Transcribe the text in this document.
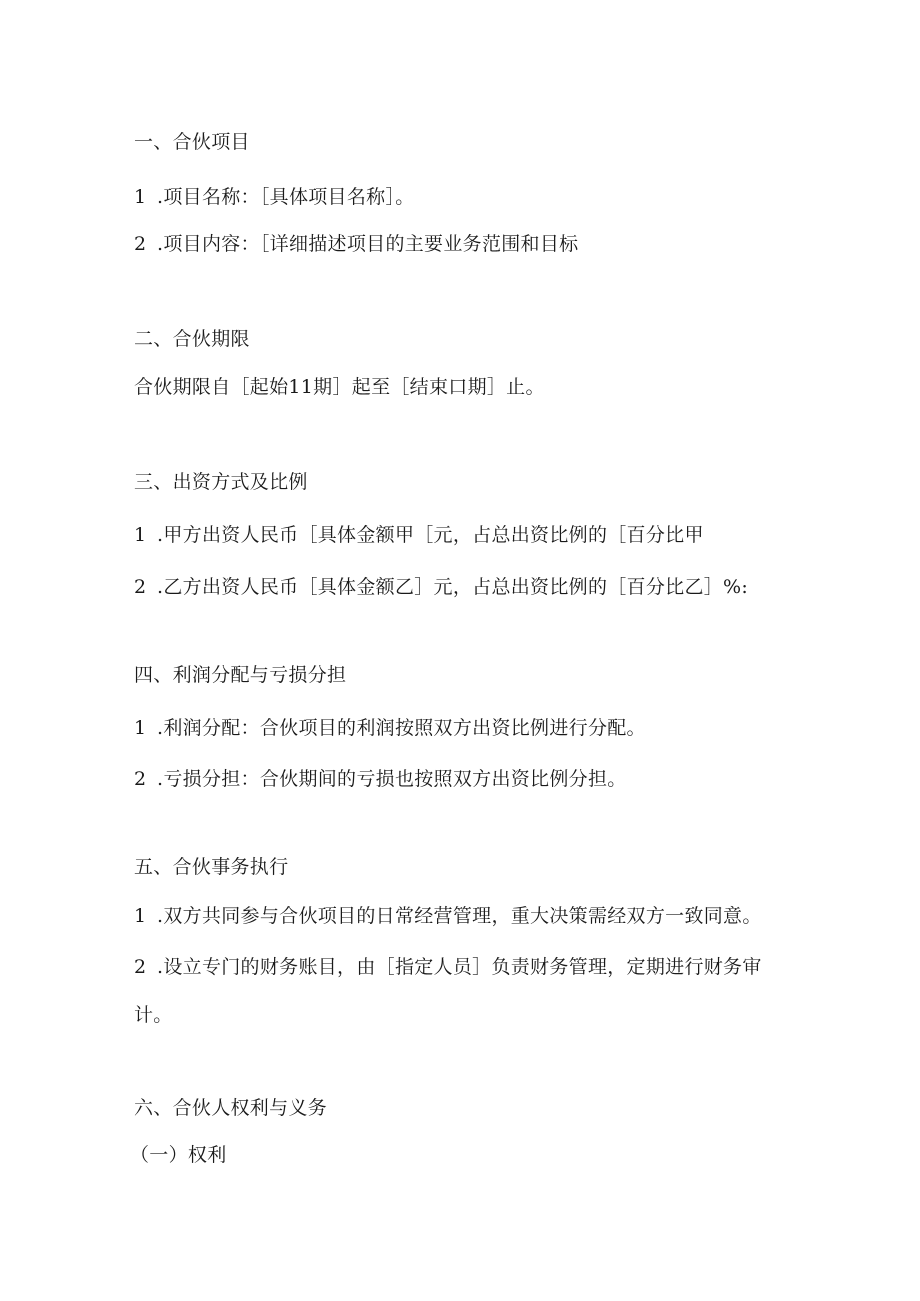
一、合伙项目
1 .项目名称：［具体项目名称］。
2 .项目内容：［详细描述项目的主要业务范围和目标
二、合伙期限
合伙期限自［起始11期］起至［结束口期］止。
三、出资方式及比例
1 .甲方出资人民币［具体金额甲［元，占总出资比例的［百分比甲
2 .乙方出资人民币［具体金额乙］元，占总出资比例的［百分比乙］%:
四、利润分配与亏损分担
1 .利润分配：合伙项目的利润按照双方出资比例进行分配。
2 .亏损分担：合伙期间的亏损也按照双方出资比例分担。
五、合伙事务执行
1 .双方共同参与合伙项目的日常经营管理，重大决策需经双方一致同意。
2 .设立专门的财务账目，由［指定人员］负责财务管理，定期进行财务审
计。
六、合伙人权利与义务
（一）权利
